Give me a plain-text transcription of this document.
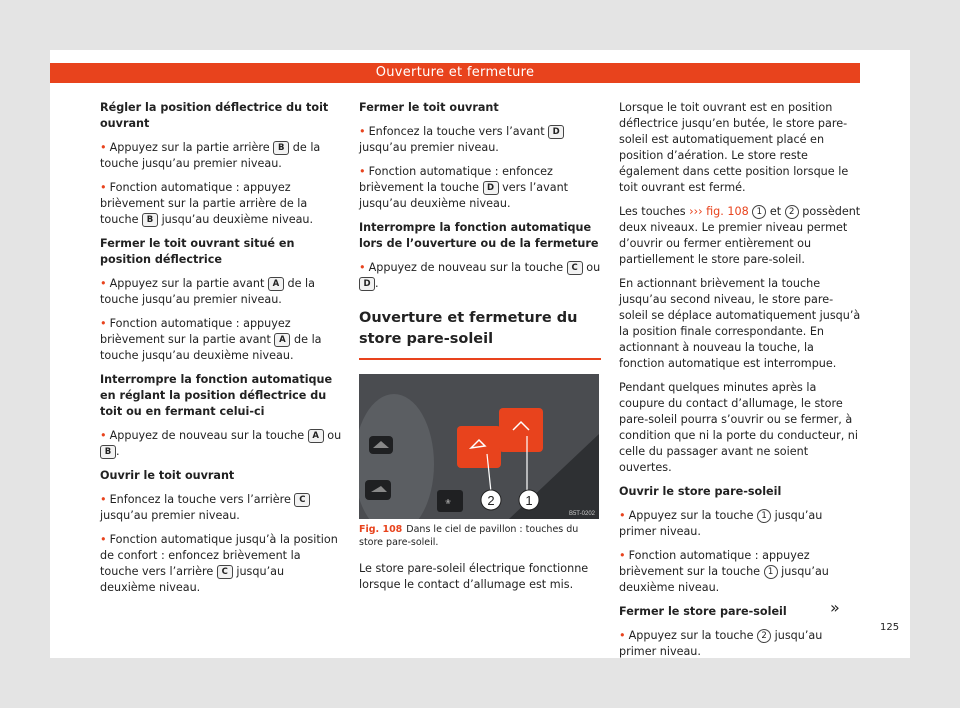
Ouverture et fermeture

Régler la position déflectrice du toit ouvrant

• Appuyez sur la partie arrière B de la touche jusqu’au premier niveau.

• Fonction automatique : appuyez brièvement sur la partie arrière de la touche B jusqu’au deuxième niveau.

Fermer le toit ouvrant situé en position déflectrice

• Appuyez sur la partie avant A de la touche jusqu’au premier niveau.

• Fonction automatique : appuyez brièvement sur la partie avant A de la touche jusqu’au deuxième niveau.

Interrompre la fonction automatique en réglant la position déflectrice du toit ou en fermant celui-ci

• Appuyez de nouveau sur la touche A ou B .

Ouvrir le toit ouvrant

• Enfoncez la touche vers l’arrière C jusqu’au premier niveau.

• Fonction automatique jusqu’à la position de confort : enfoncez brièvement la touche vers l’arrière C jusqu’au deuxième niveau.

Fermer le toit ouvrant

• Enfoncez la touche vers l’avant D jusqu’au premier niveau.

• Fonction automatique : enfoncez brièvement la touche D vers l’avant jusqu’au deuxième niveau.

Interrompre la fonction automatique lors de l’ouverture ou de la fermeture

• Appuyez de nouveau sur la touche C ou D .

Ouverture et fermeture du store pare-soleil
❀	2 1
B5T-0202
Fig. 108 Dans le ciel de pavillon : touches du store pare-soleil.

Le store pare-soleil électrique fonctionne lorsque le contact d’allumage est mis.

Lorsque le toit ouvrant est en position déflectrice jusqu’en butée, le store pare-soleil est automatiquement placé en position d’aération. Le store reste également dans cette position lorsque le toit ouvrant est fermé.

Les touches ››› fig. 108 1 et 2 possèdent deux niveaux. Le premier niveau permet d’ouvrir ou fermer entièrement ou partiellement le store pare-soleil.

En actionnant brièvement la touche jusqu’au second niveau, le store pare-soleil se déplace automatiquement jusqu’à la position finale correspondante. En actionnant à nouveau la touche, la fonction automatique est interrompue.

Pendant quelques minutes après la coupure du contact d’allumage, le store pare-soleil pourra s’ouvrir ou se fermer, à condition que ni la porte du conducteur, ni celle du passager avant ne soient ouvertes.

Ouvrir le store pare-soleil

• Appuyez sur la touche 1 jusqu’au primer niveau.

• Fonction automatique : appuyez brièvement sur la touche 1 jusqu’au deuxième niveau.

Fermer le store pare-soleil

• Appuyez sur la touche 2 jusqu’au primer niveau.

»
125
